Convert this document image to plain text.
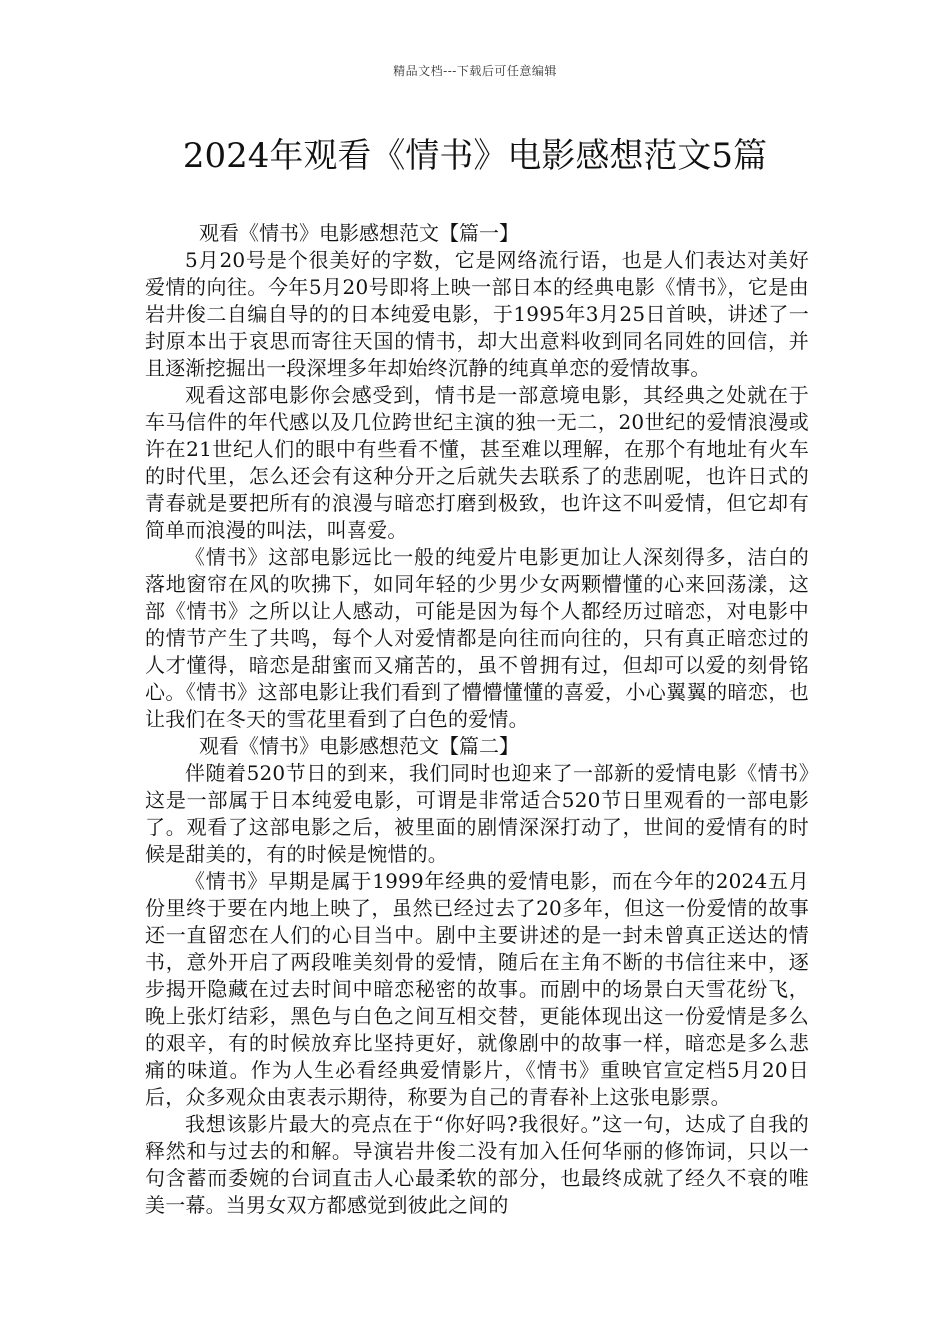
精品文档---下载后可任意编辑
2024年观看《情书》电影感想范文5篇

观看《情书》电影感想范文【篇一】

5月20号是个很美好的字数，它是网络流行语，也是人们表达对美好爱情的向往。今年5月20号即将上映一部日本的经典电影《情书》，它是由岩井俊二自编自导的的日本纯爱电影，于1995年3月25日首映，讲述了一封原本出于哀思而寄往天国的情书，却大出意料收到同名同姓的回信，并且逐渐挖掘出一段深埋多年却始终沉静的纯真单恋的爱情故事。

观看这部电影你会感受到，情书是一部意境电影，其经典之处就在于车马信件的年代感以及几位跨世纪主演的独一无二，20世纪的爱情浪漫或许在21世纪人们的眼中有些看不懂，甚至难以理解，在那个有地址有火车的时代里，怎么还会有这种分开之后就失去联系了的悲剧呢，也许日式的青春就是要把所有的浪漫与暗恋打磨到极致，也许这不叫爱情，但它却有简单而浪漫的叫法，叫喜爱。

《情书》这部电影远比一般的纯爱片电影更加让人深刻得多，洁白的落地窗帘在风的吹拂下，如同年轻的少男少女两颗懵懂的心来回荡漾，这部《情书》之所以让人感动，可能是因为每个人都经历过暗恋，对电影中的情节产生了共鸣，每个人对爱情都是向往而向往的，只有真正暗恋过的人才懂得，暗恋是甜蜜而又痛苦的，虽不曾拥有过，但却可以爱的刻骨铭心。《情书》这部电影让我们看到了懵懵懂懂的喜爱，小心翼翼的暗恋，也让我们在冬天的雪花里看到了白色的爱情。

观看《情书》电影感想范文【篇二】

伴随着520节日的到来，我们同时也迎来了一部新的爱情电影《情书》这是一部属于日本纯爱电影，可谓是非常适合520节日里观看的一部电影了。观看了这部电影之后，被里面的剧情深深打动了，世间的爱情有的时候是甜美的，有的时候是惋惜的。

《情书》早期是属于1999年经典的爱情电影，而在今年的2024五月份里终于要在内地上映了，虽然已经过去了20多年，但这一份爱情的故事还一直留恋在人们的心目当中。剧中主要讲述的是一封未曾真正送达的情书，意外开启了两段唯美刻骨的爱情，随后在主角不断的书信往来中，逐步揭开隐藏在过去时间中暗恋秘密的故事。而剧中的场景白天雪花纷飞，晚上张灯结彩，黑色与白色之间互相交替，更能体现出这一份爱情是多么的艰辛，有的时候放弃比坚持更好，就像剧中的故事一样，暗恋是多么悲痛的味道。作为人生必看经典爱情影片，《情书》重映官宣定档5月20日后，众多观众由衷表示期待，称要为自己的青春补上这张电影票。

我想该影片最大的亮点在于“你好吗?我很好。”这一句，达成了自我的释然和与过去的和解。导演岩井俊二没有加入任何华丽的修饰词，只以一句含蓄而委婉的台词直击人心最柔软的部分，也最终成就了经久不衰的唯美一幕。当男女双方都感觉到彼此之间的
